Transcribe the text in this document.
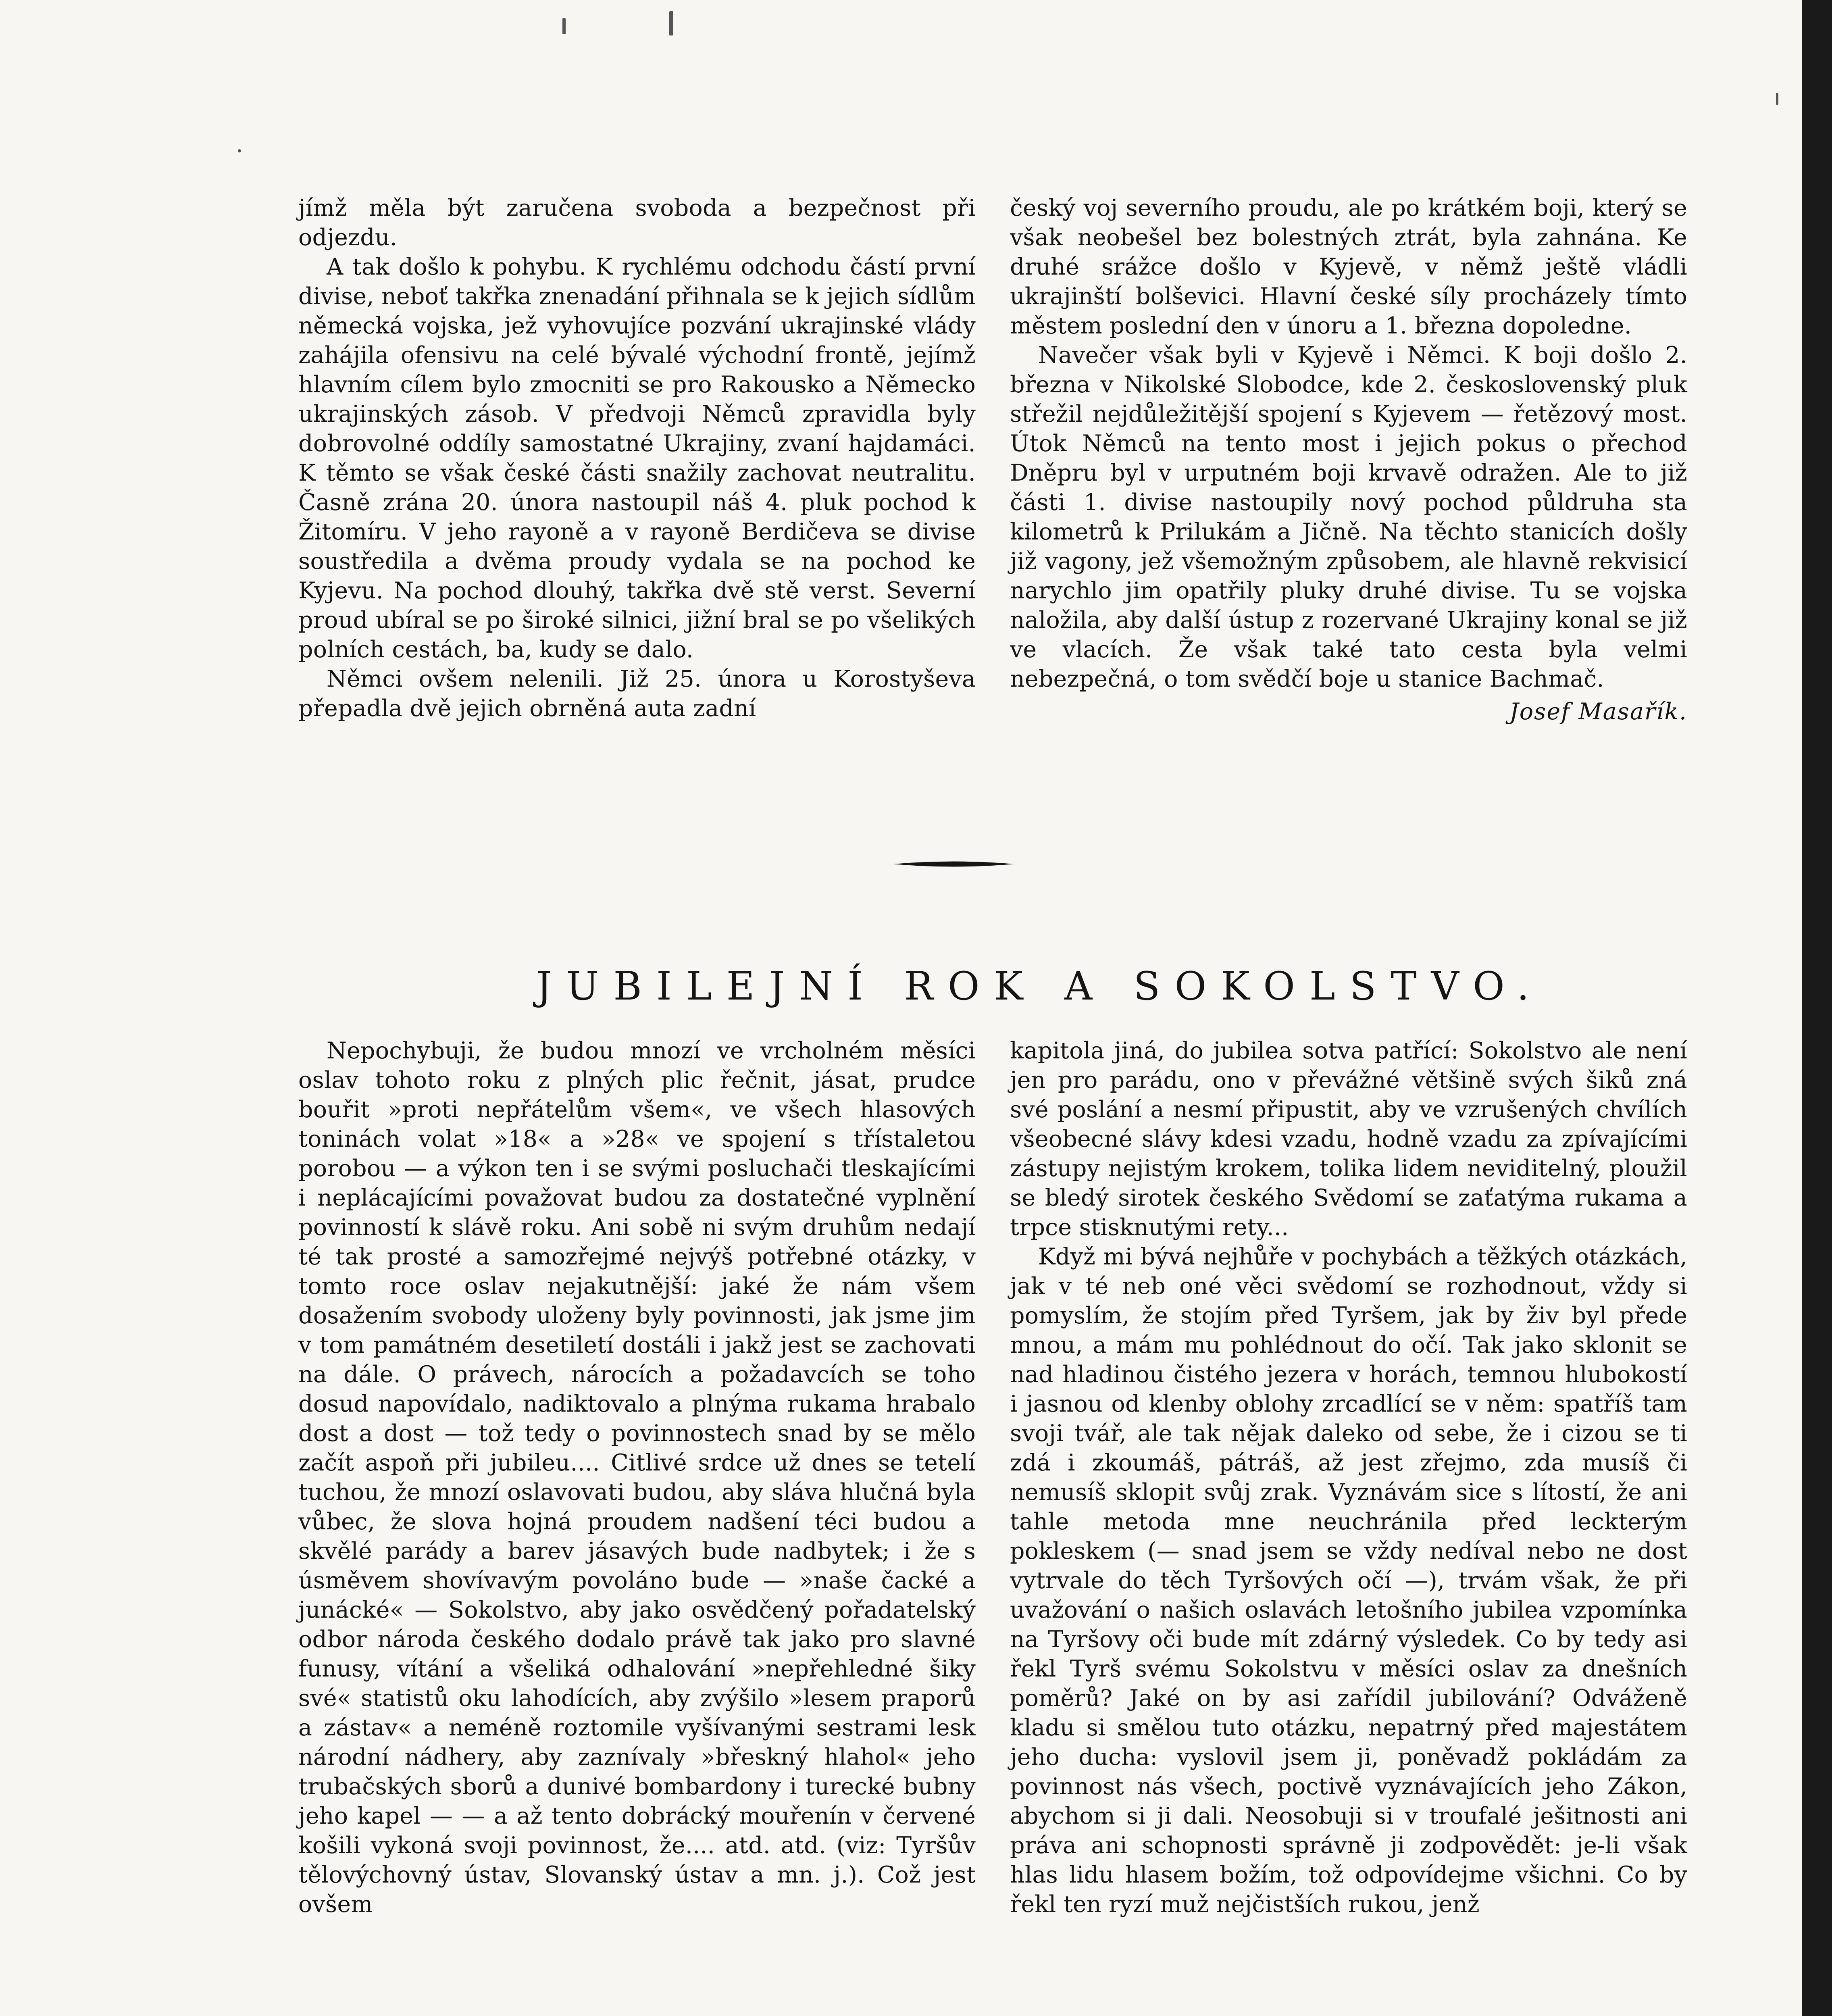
jímž měla být zaručena svoboda a bezpečnost při odjezdu.

A tak došlo k pohybu. K rychlému odchodu částí první divise, neboť takřka znenadání přihnala se k jejich sídlům německá vojska, jež vyhovujíce pozvání ukrajinské vlády zahájila ofensivu na celé bývalé východní frontě, jejímž hlavním cílem bylo zmocniti se pro Rakousko a Německo ukrajinských zásob. V předvoji Němců zpravidla byly dobrovolné oddíly samostatné Ukrajiny, zvaní hajdamáci. K těmto se však české části snažily zachovat neutralitu. Časně zrána 20. února nastoupil náš 4. pluk pochod k Žitomíru. V jeho rayoně a v rayoně Berdičeva se divise soustředila a dvěma proudy vydala se na pochod ke Kyjevu. Na pochod dlouhý, takřka dvě stě verst. Severní proud ubíral se po široké silnici, jižní bral se po všelikých polních cestách, ba, kudy se dalo.

Němci ovšem nelenili. Již 25. února u Korostyševa přepadla dvě jejich obrněná auta zadní

český voj severního proudu, ale po krátkém boji, který se však neobešel bez bolestných ztrát, byla zahnána. Ke druhé srážce došlo v Kyjevě, v němž ještě vládli ukrajinští bolševici. Hlavní české síly procházely tímto městem poslední den v únoru a 1. března dopoledne.

Navečer však byli v Kyjevě i Němci. K boji došlo 2. března v Nikolské Slobodce, kde 2. československý pluk střežil nejdůležitější spojení s Kyjevem — řetězový most. Útok Němců na tento most i jejich pokus o přechod Dněpru byl v urputném boji krvavě odražen. Ale to již části 1. divise nastoupily nový pochod půldruha sta kilometrů k Prilukám a Jičně. Na těchto stanicích došly již vagony, jež všemožným způsobem, ale hlavně rekvisicí narychlo jim opatřily pluky druhé divise. Tu se vojska naložila, aby další ústup z rozervané Ukrajiny konal se již ve vlacích. Že však také tato cesta byla velmi nebezpečná, o tom svědčí boje u stanice Bachmač.

Josef Masařík.

JUBILEJNÍ ROK A SOKOLSTVO.

Nepochybuji, že budou mnozí ve vrcholném měsíci oslav tohoto roku z plných plic řečnit, jásat, prudce bouřit »proti nepřátelům všem«, ve všech hlasových toninách volat »18« a »28« ve spojení s třístaletou porobou — a výkon ten i se svými posluchači tleskajícími i neplácajícími považovat budou za dostatečné vyplnění povinností k slávě roku. Ani sobě ni svým druhům nedají té tak prosté a samozřejmé nejvýš potřebné otázky, v tomto roce oslav nejakutnější: jaké že nám všem dosažením svobody uloženy byly povinnosti, jak jsme jim v tom památném desetiletí dostáli i jakž jest se zachovati na dále. O právech, nárocích a požadavcích se toho dosud napovídalo, nadiktovalo a plnýma rukama hrabalo dost a dost — tož tedy o povinnostech snad by se mělo začít aspoň při jubileu.... Citlivé srdce už dnes se tetelí tuchou, že mnozí oslavovati budou, aby sláva hlučná byla vůbec, že slova hojná proudem nadšení téci budou a skvělé parády a barev jásavých bude nadbytek; i že s úsměvem shovívavým povoláno bude — »naše čacké a junácké« — Sokolstvo, aby jako osvědčený pořadatelský odbor národa českého dodalo právě tak jako pro slavné funusy, vítání a všeliká odhalování »nepřehledné šiky své« statistů oku lahodících, aby zvýšilo »lesem praporů a zástav« a neméně roztomile vyšívanými sestrami lesk národní nádhery, aby zaznívaly »břeskný hlahol« jeho trubačských sborů a dunivé bombardony i turecké bubny jeho kapel — — a až tento dobrácký mouřenín v červené košili vykoná svoji povinnost, že.... atd. atd. (viz: Tyršův tělovýchovný ústav, Slovanský ústav a mn. j.). Což jest ovšem

kapitola jiná, do jubilea sotva patřící: Sokolstvo ale není jen pro parádu, ono v převážné většině svých šiků zná své poslání a nesmí připustit, aby ve vzrušených chvílích všeobecné slávy kdesi vzadu, hodně vzadu za zpívajícími zástupy nejistým krokem, tolika lidem neviditelný, ploužil se bledý sirotek českého Svědomí se zaťatýma rukama a trpce stisknutými rety...

Když mi bývá nejhůře v pochybách a těžkých otázkách, jak v té neb oné věci svědomí se rozhodnout, vždy si pomyslím, že stojím před Tyršem, jak by živ byl přede mnou, a mám mu pohlédnout do očí. Tak jako sklonit se nad hladinou čistého jezera v horách, temnou hlubokostí i jasnou od klenby oblohy zrcadlící se v něm: spatříš tam svoji tvář, ale tak nějak daleko od sebe, že i cizou se ti zdá i zkoumáš, pátráš, až jest zřejmo, zda musíš či nemusíš sklopit svůj zrak. Vyznávám sice s lítostí, že ani tahle metoda mne neuchránila před leckterým pokleskem (— snad jsem se vždy nedíval nebo ne dost vytrvale do těch Tyršových očí —), trvám však, že při uvažování o našich oslavách letošního jubilea vzpomínka na Tyršovy oči bude mít zdárný výsledek. Co by tedy asi řekl Tyrš svému Sokolstvu v měsíci oslav za dnešních poměrů? Jaké on by asi zařídil jubilování? Odváženě kladu si smělou tuto otázku, nepatrný před majestátem jeho ducha: vyslovil jsem ji, poněvadž pokládám za povinnost nás všech, poctivě vyznávajících jeho Zákon, abychom si ji dali. Neosobuji si v troufalé ješitnosti ani práva ani schopnosti správně ji zodpovědět: je-li však hlas lidu hlasem božím, tož odpovídejme všichni. Co by řekl ten ryzí muž nejčistších rukou, jenž
